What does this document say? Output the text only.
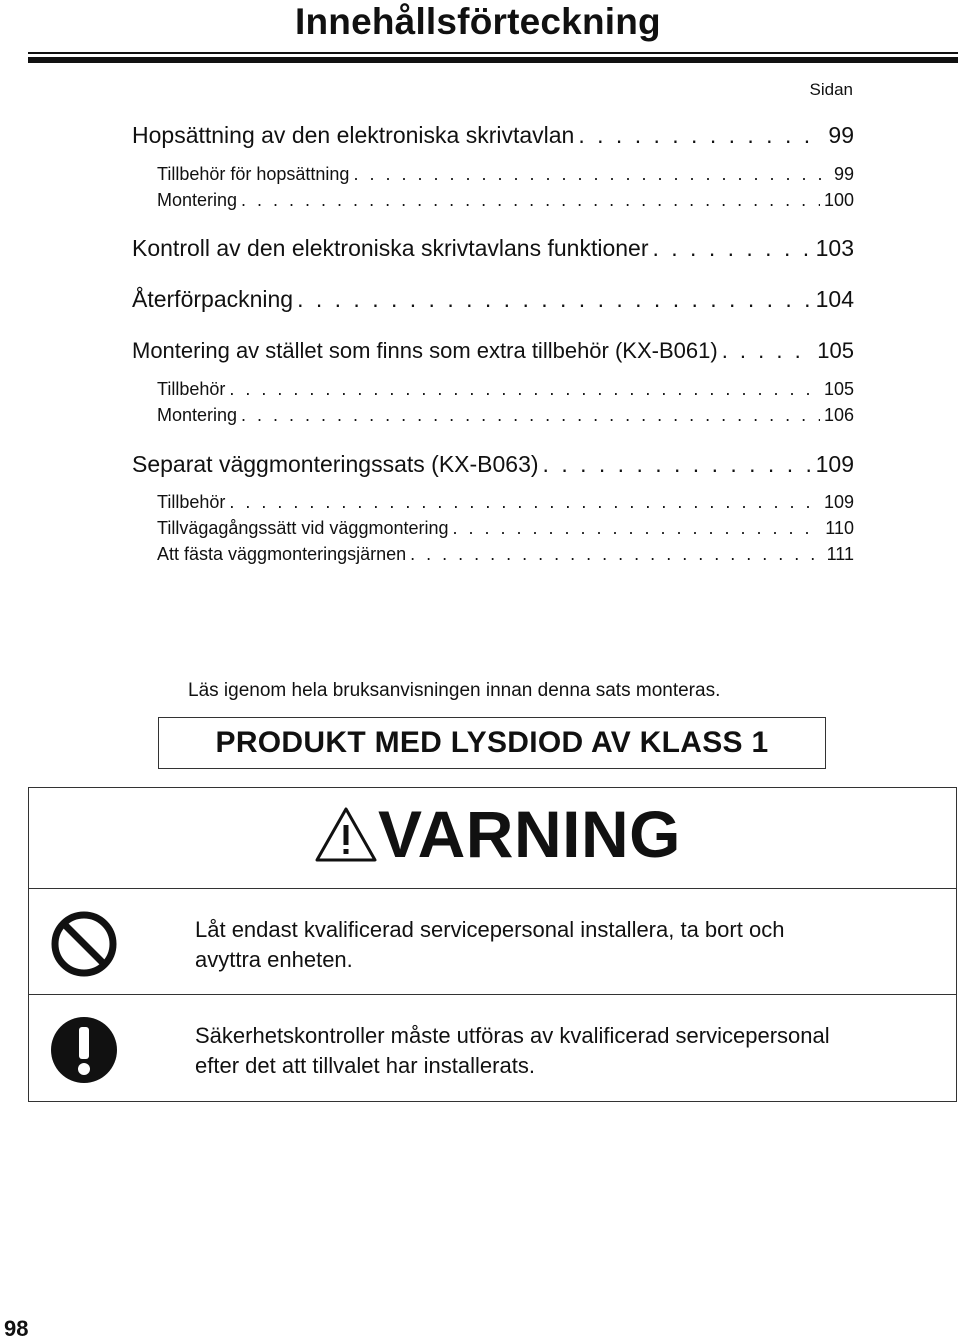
Innehållsförteckning
Sidan
Hopsättning av den elektroniska skrivtavlan . . .	99
Tillbehör för hopsättning . . .	99
Montering . . .	100
Kontroll av den elektroniska skrivtavlans funktioner . . .	103
Återförpackning . . .	104
Montering av stället som finns som extra tillbehör (KX-B061) . . .	105
Tillbehör . . .	105
Montering . . .	106
Separat väggmonteringssats (KX-B063) . . .	109
Tillbehör . . .	109
Tillvägagångssätt vid väggmontering . . .	110
Att fästa väggmonteringsjärnen . . .	111
Läs igenom hela bruksanvisningen innan denna sats monteras.
PRODUKT MED LYSDIOD AV KLASS 1
VARNING
Låt endast kvalificerad servicepersonal installera, ta bort och
avyttra enheten.
Säkerhetskontroller måste utföras av kvalificerad servicepersonal
efter det att tillvalet har installerats.
98
